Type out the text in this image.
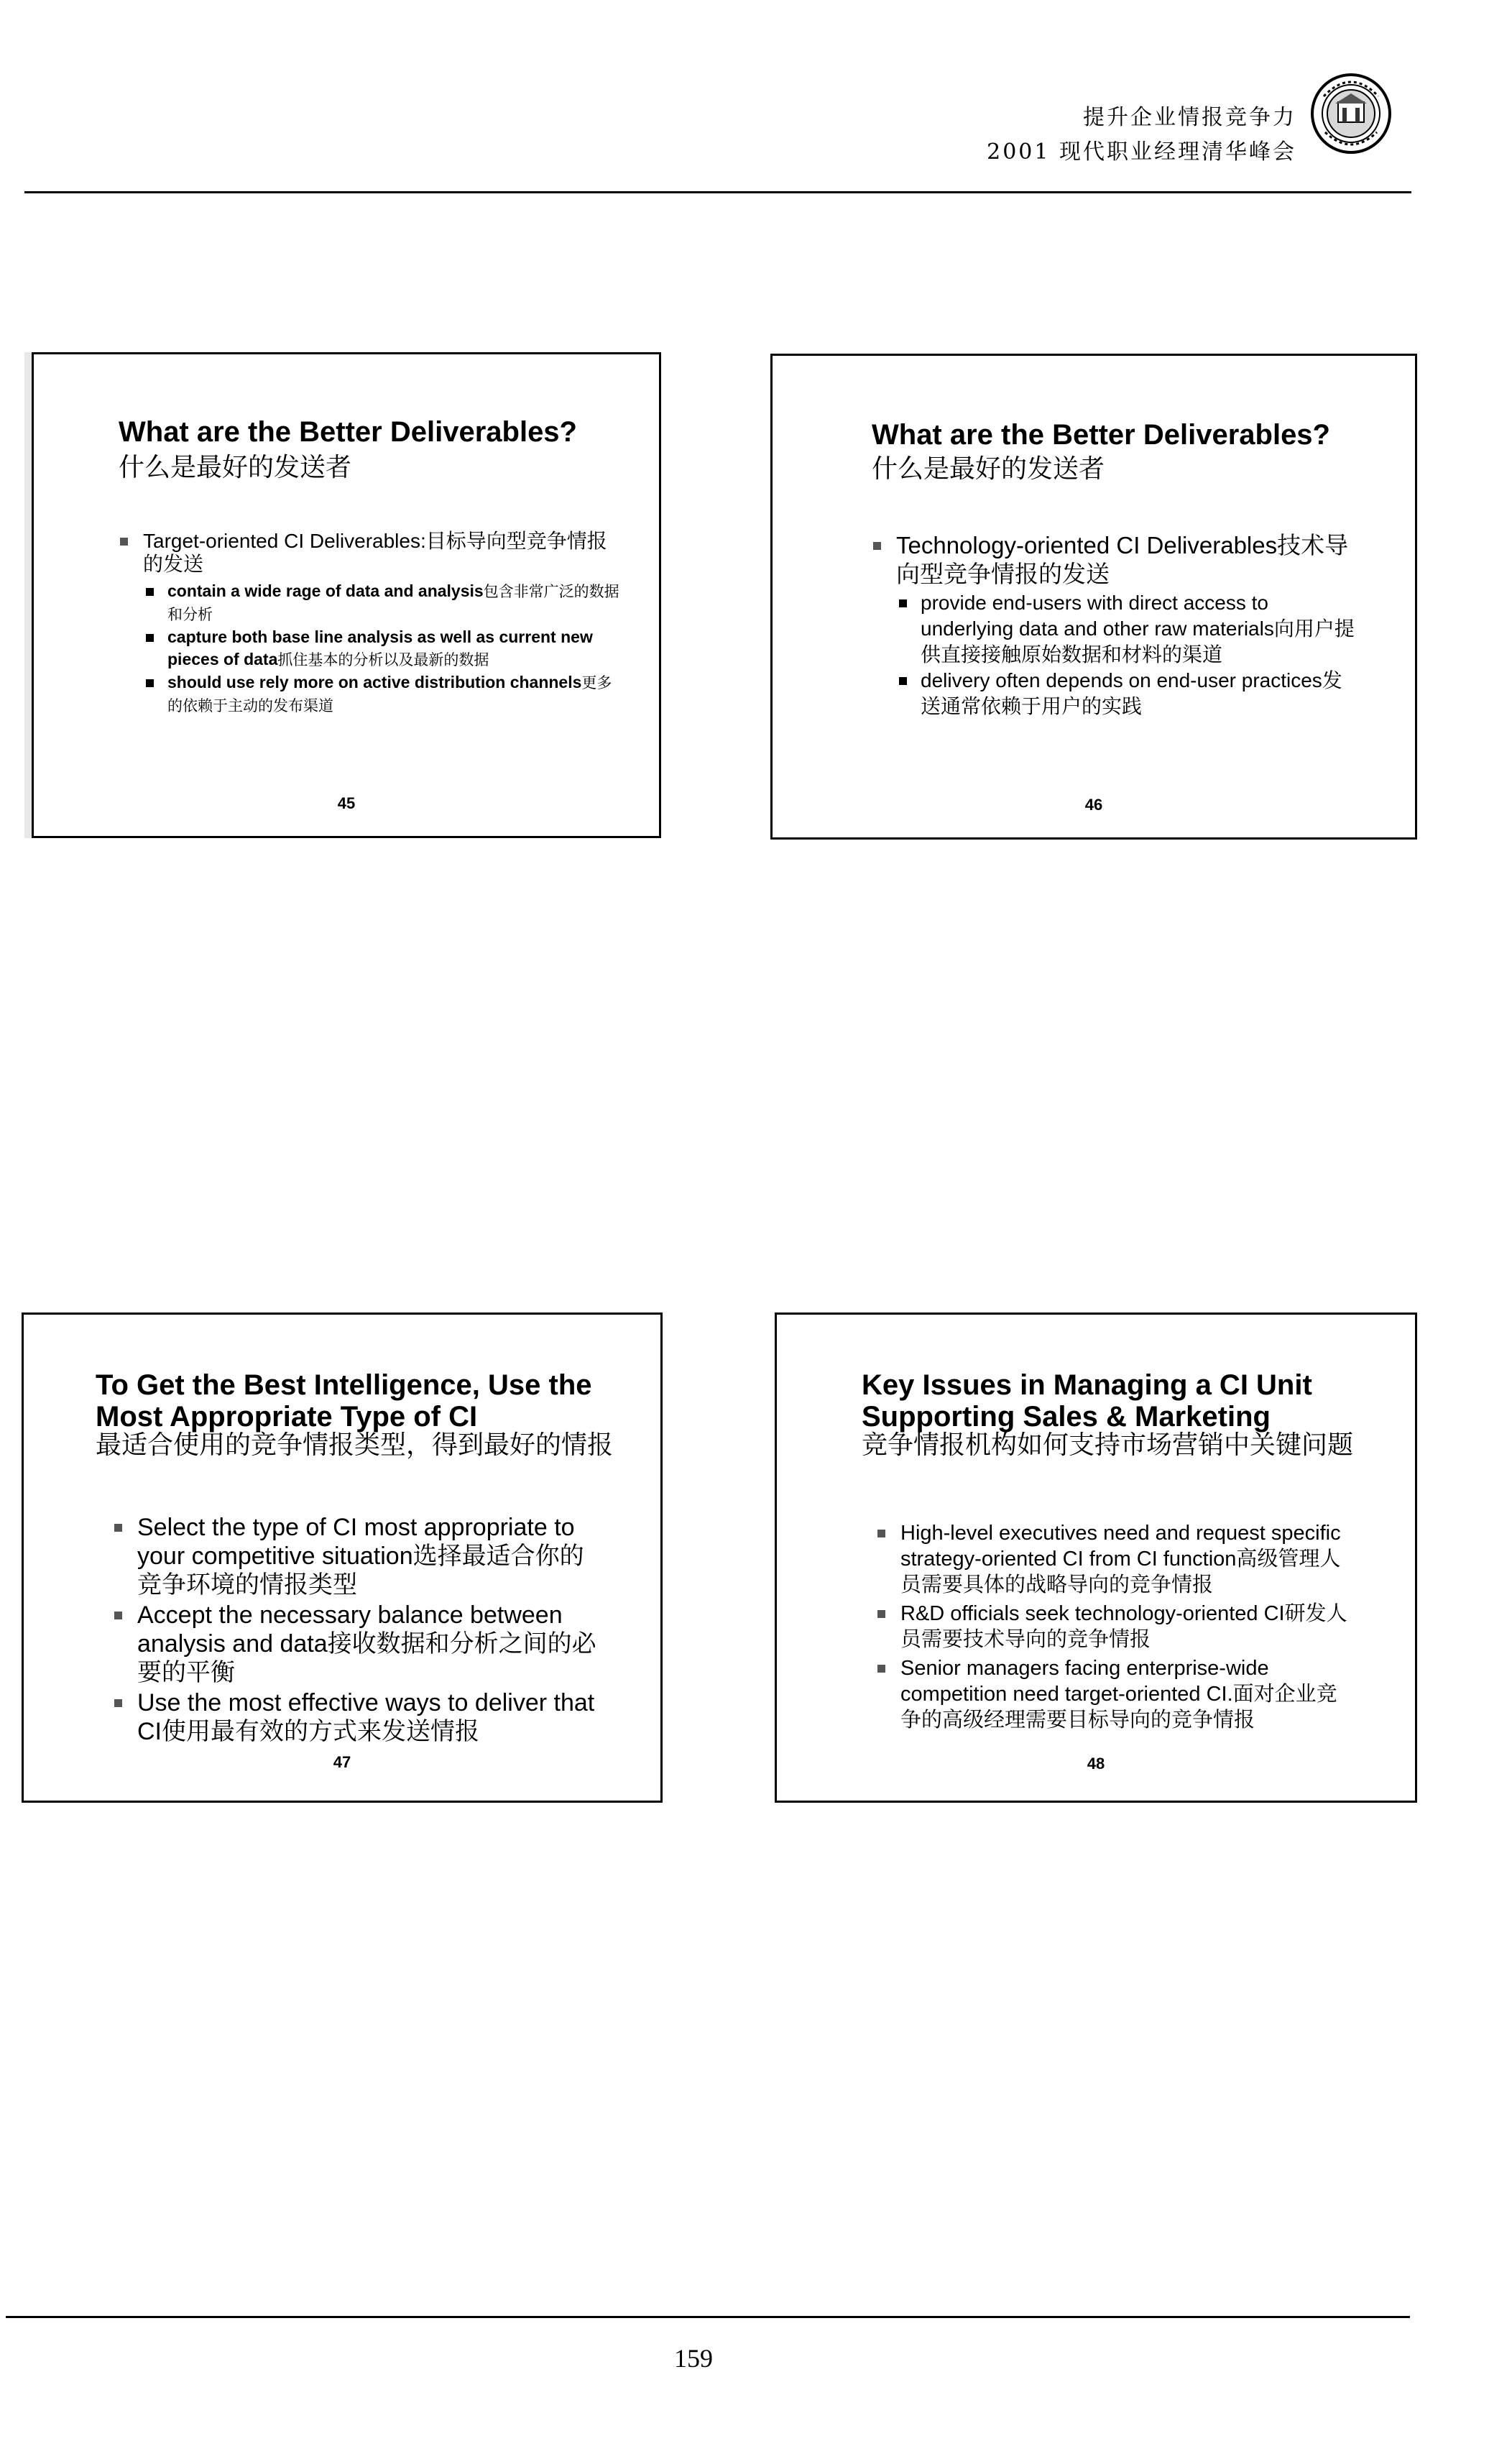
提升企业情报竞争力
2001 现代职业经理清华峰会
What are the Better Deliverables?
什么是最好的发送者
Target-oriented CI Deliverables:目标导向型竞争情报的发送
contain a wide rage of data and analysis包含非常广泛的数据和分析
capture both base line analysis as well as current new pieces of data抓住基本的分析以及最新的数据
should use rely more on active distribution channels更多的依赖于主动的发布渠道
45
What are the Better Deliverables?
什么是最好的发送者
Technology-oriented CI Deliverables技术导向型竞争情报的发送
provide end-users with direct access to underlying data and other raw materials向用户提供直接接触原始数据和材料的渠道
delivery often depends on end-user practices发送通常依赖于用户的实践
46
To Get the Best Intelligence, Use the Most Appropriate Type of CI
最适合使用的竞争情报类型，得到最好的情报
Select the type of CI most appropriate to your competitive situation选择最适合你的竞争环境的情报类型
Accept the necessary balance between analysis and data接收数据和分析之间的必要的平衡
Use the most effective ways to deliver that CI使用最有效的方式来发送情报
47
Key Issues in Managing a CI Unit Supporting Sales & Marketing
竞争情报机构如何支持市场营销中关键问题
High-level executives need and request specific strategy-oriented CI from CI function高级管理人员需要具体的战略导向的竞争情报
R&D officials seek technology-oriented CI研发人员需要技术导向的竞争情报
Senior managers facing enterprise-wide competition need target-oriented CI.面对企业竞争的高级经理需要目标导向的竞争情报
48
159
